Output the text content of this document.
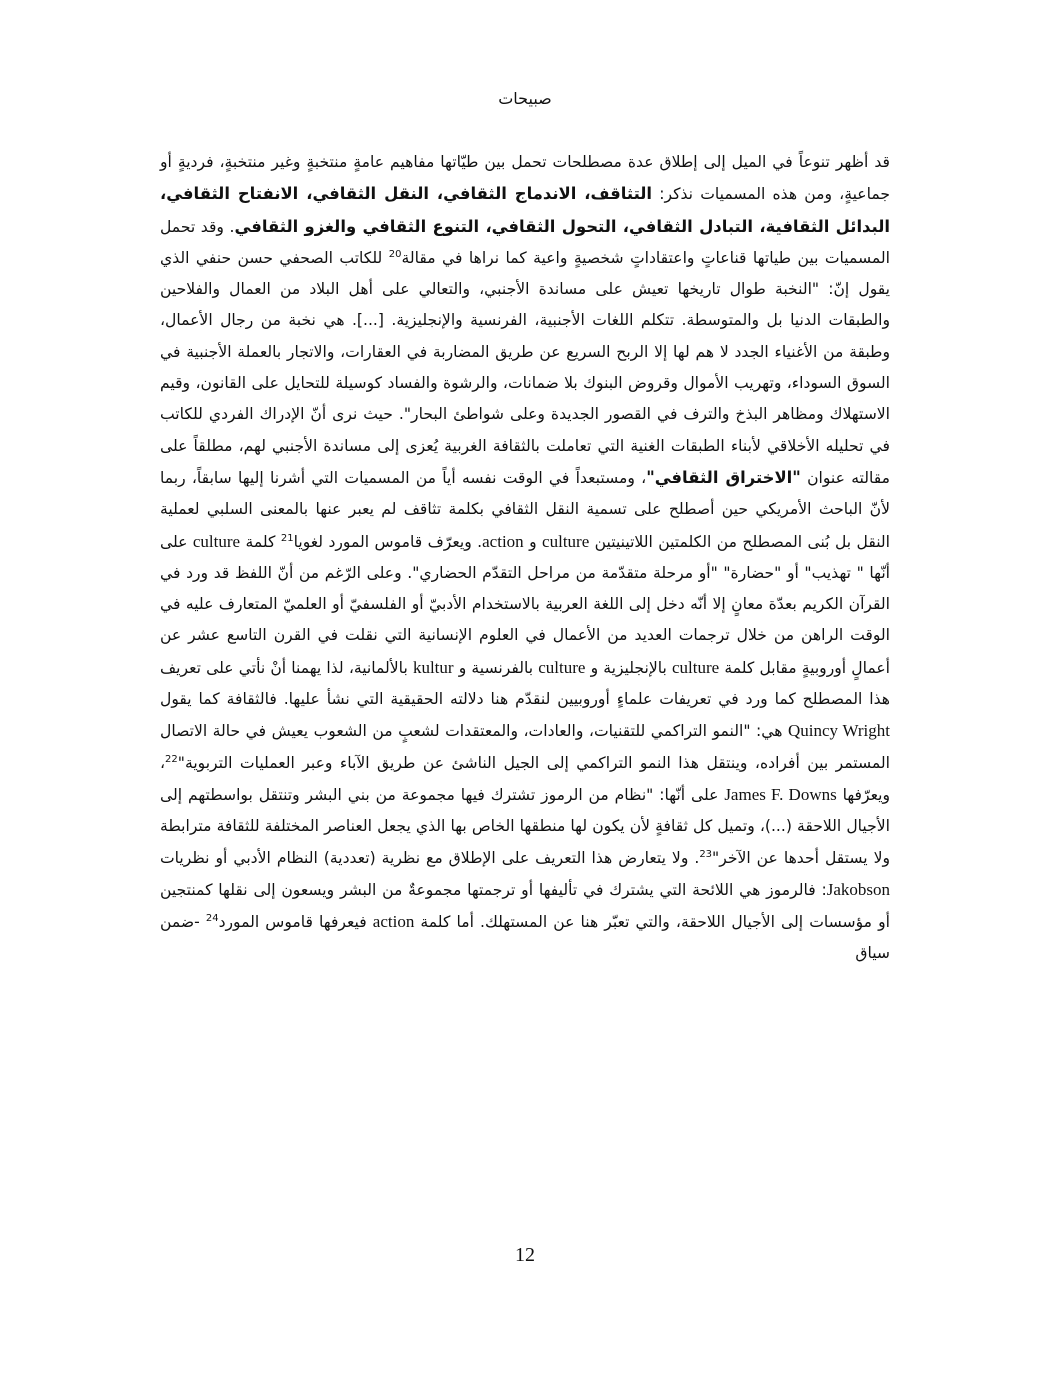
صبيحات

قد أظهر تنوعاً في الميل إلى إطلاق عدة مصطلحات تحمل بين طيّاتها مفاهيم عامةٍ منتخبةٍ وغير منتخبةٍ، فرديةٍ أو جماعيةٍ، ومن هذه المسميات نذكر: التثاقف، الاندماج الثقافي، النقل الثقافي، الانفتاح الثقافي، البدائل الثقافية، التبادل الثقافي، التحول الثقافي، التنوع الثقافي والغزو الثقافي. وقد تحمل المسميات بين طياتها قناعاتٍ واعتقاداتٍ شخصيةٍ واعية كما نراها في مقالة$^{20}$ للكاتب الصحفي حسن حنفي الذي يقول إنّ: "النخبة طوال تاريخها تعيش على مساندة الأجنبي، والتعالي على أهل البلاد من العمال والفلاحين والطبقات الدنيا بل والمتوسطة. تتكلم اللغات الأجنبية، الفرنسية والإنجليزية. [...]. هي نخبة من رجال الأعمال، وطبقة من الأغنياء الجدد لا هم لها إلا الربح السريع عن طريق المضاربة في العقارات، والاتجار بالعملة الأجنبية في السوق السوداء، وتهريب الأموال وقروض البنوك بلا ضمانات، والرشوة والفساد كوسيلة للتحايل على القانون، وقيم الاستهلاك ومظاهر البذخ والترف في القصور الجديدة وعلى شواطئ البحار". حيث نرى أنّ الإدراك الفردي للكاتب في تحليله الأخلاقي لأبناء الطبقات الغنية التي تعاملت بالثقافة الغربية يُعزى إلى مساندة الأجنبي لهم، مطلقاً على مقالته عنوان "الاختراق الثقافي"، ومستبعداً في الوقت نفسه أياً من المسميات التي أشرنا إليها سابقاً، ربما لأنّ الباحث الأمريكي حين أصطلح على تسمية النقل الثقافي بكلمة تثاقف لم يعبر عنها بالمعنى السلبي لعملية النقل بل بُنى المصطلح من الكلمتين اللاتينيتين culture و action. ويعرّف قاموس المورد لغويا$^{21}$ كلمة culture على أنّها " تهذيب" أو "حضارة" "أو مرحلة متقدّمة من مراحل التقدّم الحضاري". وعلى الرّغم من أنّ اللفظ قد ورد في القرآن الكريم بعدّة معانٍ إلا أنّه دخل إلى اللغة العربية بالاستخدام الأدبيّ أو الفلسفيّ أو العلميّ المتعارف عليه في الوقت الراهن من خلال ترجمات العديد من الأعمال في العلوم الإنسانية التي نقلت في القرن التاسع عشر عن أعمالٍ أوروبيةٍ مقابل كلمة culture بالإنجليزية و culture بالفرنسية و kultur بالألمانية، لذا يهمنا أنْ نأتي على تعريف هذا المصطلح كما ورد في تعريفات علماءٍ أوروبيين لنقدّم هنا دلالته الحقيقية التي نشأ عليها. فالثقافة كما يقول Quincy Wright هي: "النمو التراكمي للتقنيات، والعادات، والمعتقدات لشعبٍ من الشعوب يعيش في حالة الاتصال المستمر بين أفراده، وينتقل هذا النمو التراكمي إلى الجيل الناشئ عن طريق الآباء وعبر العمليات التربوية"$^{22}$، ويعرّفها James F. Downs على أنّها: "نظام من الرموز تشترك فيها مجموعة من بني البشر وتنتقل بواسطتهم إلى الأجيال اللاحقة (...)، وتميل كل ثقافةٍ لأن يكون لها منطقها الخاص بها الذي يجعل العناصر المختلفة للثقافة مترابطة ولا يستقل أحدها عن الآخر"$^{23}$. ولا يتعارض هذا التعريف على الإطلاق مع نظرية (تعددية) النظام الأدبي أو نظريات Jakobson: فالرموز هي اللائحة التي يشترك في تأليفها أو ترجمتها مجموعةٌ من البشر ويسعون إلى نقلها كمنتجين أو مؤسسات إلى الأجيال اللاحقة، والتي تعبّر هنا عن المستهلك. أما كلمة action فيعرفها قاموس المورد$^{24}$ -ضمن سياق

12
